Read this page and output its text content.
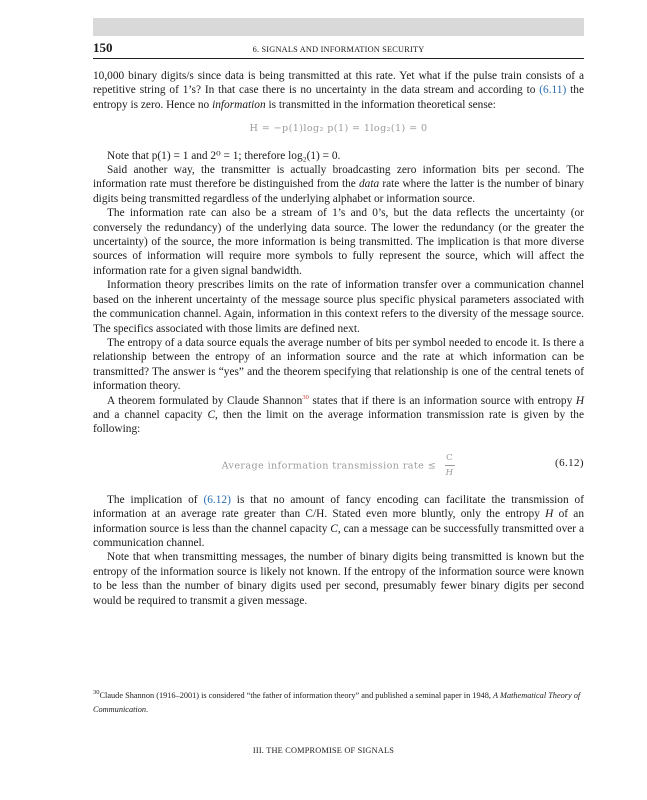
150	6. SIGNALS AND INFORMATION SECURITY

10,000 binary digits/s since data is being transmitted at this rate. Yet what if the pulse train consists of a repetitive string of 1’s? In that case there is no uncertainty in the data stream and according to (6.11) the entropy is zero. Hence no information is transmitted in the information theoretical sense:

H = −p(1)log₂ p(1) = 1log₂(1) = 0

Note that p(1) = 1 and 2⁰ = 1; therefore log₂(1) = 0.

Said another way, the transmitter is actually broadcasting zero information bits per second. The information rate must therefore be distinguished from the data rate where the latter is the number of binary digits being transmitted regardless of the underlying alphabet or information source.

The information rate can also be a stream of 1’s and 0’s, but the data reflects the uncertainty (or conversely the redundancy) of the underlying data source. The lower the redundancy (or the greater the uncertainty) of the source, the more information is being transmitted. The implication is that more diverse sources of information will require more symbols to fully represent the source, which will affect the information rate for a given signal bandwidth.

Information theory prescribes limits on the rate of information transfer over a communication channel based on the inherent uncertainty of the message source plus specific physical parameters associated with the communication channel. Again, information in this context refers to the diversity of the message source. The specifics associated with those limits are defined next.

The entropy of a data source equals the average number of bits per symbol needed to encode it. Is there a relationship between the entropy of an information source and the rate at which information can be transmitted? The answer is “yes” and the theorem specifying that relationship is one of the central tenets of information theory.

A theorem formulated by Claude Shannon$^{30}$ states that if there is an information source with entropy H and a channel capacity C, then the limit on the average information transmission rate is given by the following:

Average information transmission rate ≤ $\frac{C}{H}$	(6.12)

The implication of (6.12) is that no amount of fancy encoding can facilitate the transmission of information at an average rate greater than C/H. Stated even more bluntly, only the entropy H of an information source is less than the channel capacity C, can a message can be successfully transmitted over a communication channel.

Note that when transmitting messages, the number of binary digits being transmitted is known but the entropy of the information source is likely not known. If the entropy of the information source were known to be less than the number of binary digits used per second, presumably fewer binary digits per second would be required to transmit a given message.

$^{30}$Claude Shannon (1916–2001) is considered “the father of information theory” and published a seminal paper in 1948, A Mathematical Theory of Communication.
III. THE COMPROMISE OF SIGNALS
